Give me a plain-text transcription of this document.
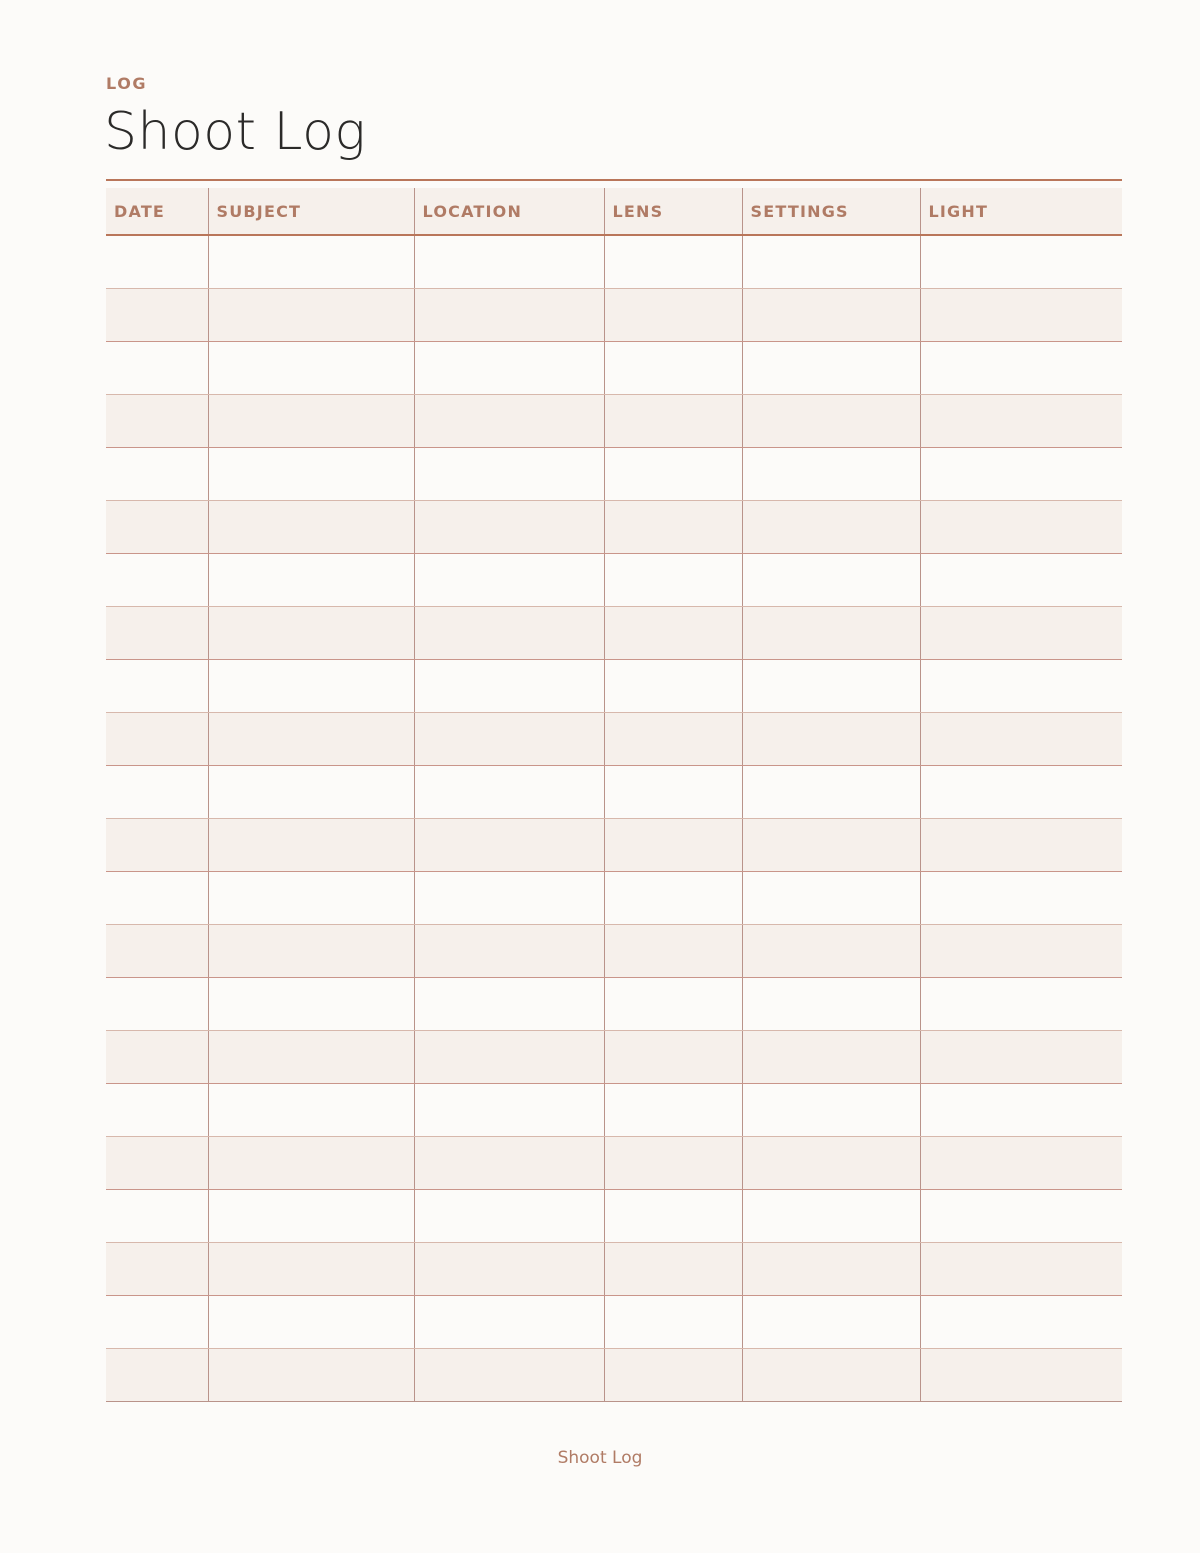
LOG
Shoot Log
DATE	SUBJECT	LOCATION	LENS	SETTINGS	LIGHT

Shoot Log
